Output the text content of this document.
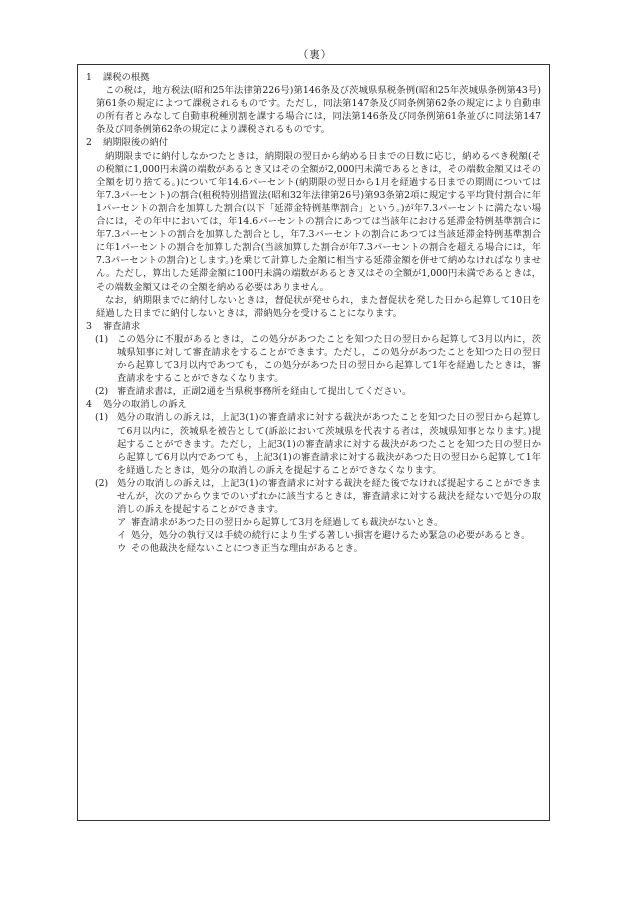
（裏）

1 課税の根拠

この税は，地方税法(昭和25年法律第226号)第146条及び茨城県県税条例(昭和25年茨城県条例第43号)第61条の規定によつて課税されるものです。ただし，同法第147条及び同条例第62条の規定により自動車の所有者とみなして自動車税種別割を課する場合には，同法第146条及び同条例第61条並びに同法第147条及び同条例第62条の規定により課税されるものです。

2 納期限後の納付

納期限までに納付しなかつたときは，納期限の翌日から納める日までの日数に応じ，納めるべき税額(その税額に1,000円未満の端数があるとき又はその全額が2,000円未満であるときは，その端数金額又はその全額を切り捨てる。)について年14.6パーセント(納期限の翌日から1月を経過する日までの期間については年7.3パーセント)の割合(租税特別措置法(昭和32年法律第26号)第93条第2項に規定する平均貸付割合に年1パーセントの割合を加算した割合(以下「延滞金特例基準割合」という。)が年7.3パーセントに満たない場合には，その年中においては，年14.6パーセントの割合にあつては当該年における延滞金特例基準割合に年7.3パーセントの割合を加算した割合とし，年7.3パーセントの割合にあつては当該延滞金特例基準割合に年1パーセントの割合を加算した割合(当該加算した割合が年7.3パーセントの割合を超える場合には，年7.3パーセントの割合)とします。)を乗じて計算した金額に相当する延滞金額を併せて納めなければなりません。ただし，算出した延滞金額に100円未満の端数があるとき又はその全額が1,000円未満であるときは，その端数金額又はその全額を納める必要はありません。

なお，納期限までに納付しないときは，督促状が発せられ，また督促状を発した日から起算して10日を経過した日までに納付しないときは，滞納処分を受けることになります。

3 審査請求

(1) この処分に不服があるときは，この処分があつたことを知つた日の翌日から起算して3月以内に，茨城県知事に対して審査請求をすることができます。ただし，この処分があつたことを知つた日の翌日から起算して3月以内であつても，この処分があつた日の翌日から起算して1年を経過したときは，審査請求をすることができなくなります。
(2) 審査請求書は，正副2通を当県税事務所を経由して提出してください。

4 処分の取消しの訴え

(1) 処分の取消しの訴えは，上記3(1)の審査請求に対する裁決があつたことを知つた日の翌日から起算して6月以内に，茨城県を被告として(訴訟において茨城県を代表する者は，茨城県知事となります。)提起することができます。ただし，上記3(1)の審査請求に対する裁決があつたことを知つた日の翌日から起算して6月以内であつても，上記3(1)の審査請求に対する裁決があつた日の翌日から起算して1年を経過したときは，処分の取消しの訴えを提起することができなくなります。
(2) 処分の取消しの訴えは，上記3(1)の審査請求に対する裁決を経た後でなければ提起することができませんが，次のアからウまでのいずれかに該当するときは，審査請求に対する裁決を経ないで処分の取消しの訴えを提起することができます。
ア 審査請求があつた日の翌日から起算して3月を経過しても裁決がないとき。
イ 処分，処分の執行又は手続の続行により生ずる著しい損害を避けるため緊急の必要があるとき。
ウ その他裁決を経ないことにつき正当な理由があるとき。
